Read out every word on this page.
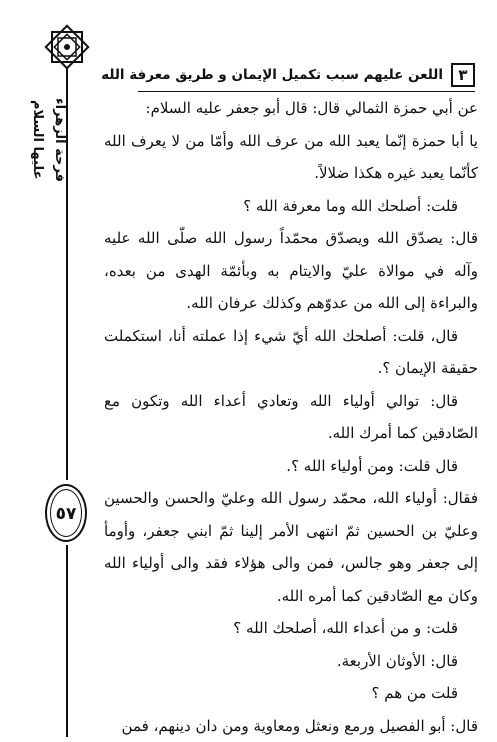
فرحة الزهراء عليها السلام
٥٧
٣
اللعن عليهم سبب تكميل الإيمان و طريق معرفة الله

عن أبي حمزة الثمالي قال: قال أبو جعفر عليه السلام:

يا أبا حمزة إنّما يعبد الله من عرف الله وأمّا من لا يعرف الله كأنّما يعبد غيره هكذا ضلالاً.

قلت: أصلحك الله وما معرفة الله ؟

قال: يصدّق الله ويصدّق محمّداً رسول الله صلّى الله عليه وآله في موالاة عليّ والايتام به وبأئمّة الهدى من بعده، والبراءة إلى الله من عدوّهم وكذلك عرفان الله.

قال، قلت: أصلحك الله أيّ شيء إذا عملته أنا، استكملت حقيقة الإيمان ؟.

قال: توالي أولياء الله وتعادي أعداء الله وتكون مع الصّادقين كما أمرك الله.

قال قلت: ومن أولياء الله ؟.

فقال: أولياء الله، محمّد رسول الله وعليّ والحسن والحسين وعليّ بن الحسين ثمّ انتهى الأمر إلينا ثمّ ابني جعفر، وأومأ إلى جعفر وهو جالس، فمن والى هؤلاء فقد والى أولياء الله وكان مع الصّادقين كما أمره الله.

قلت: و من أعداء الله، أصلحك الله ؟

قال: الأوثان الأربعة.

قلت من هم ؟

قال: أبو الفصيل ورمع ونعثل ومعاوية ومن دان دينهم، فمن
